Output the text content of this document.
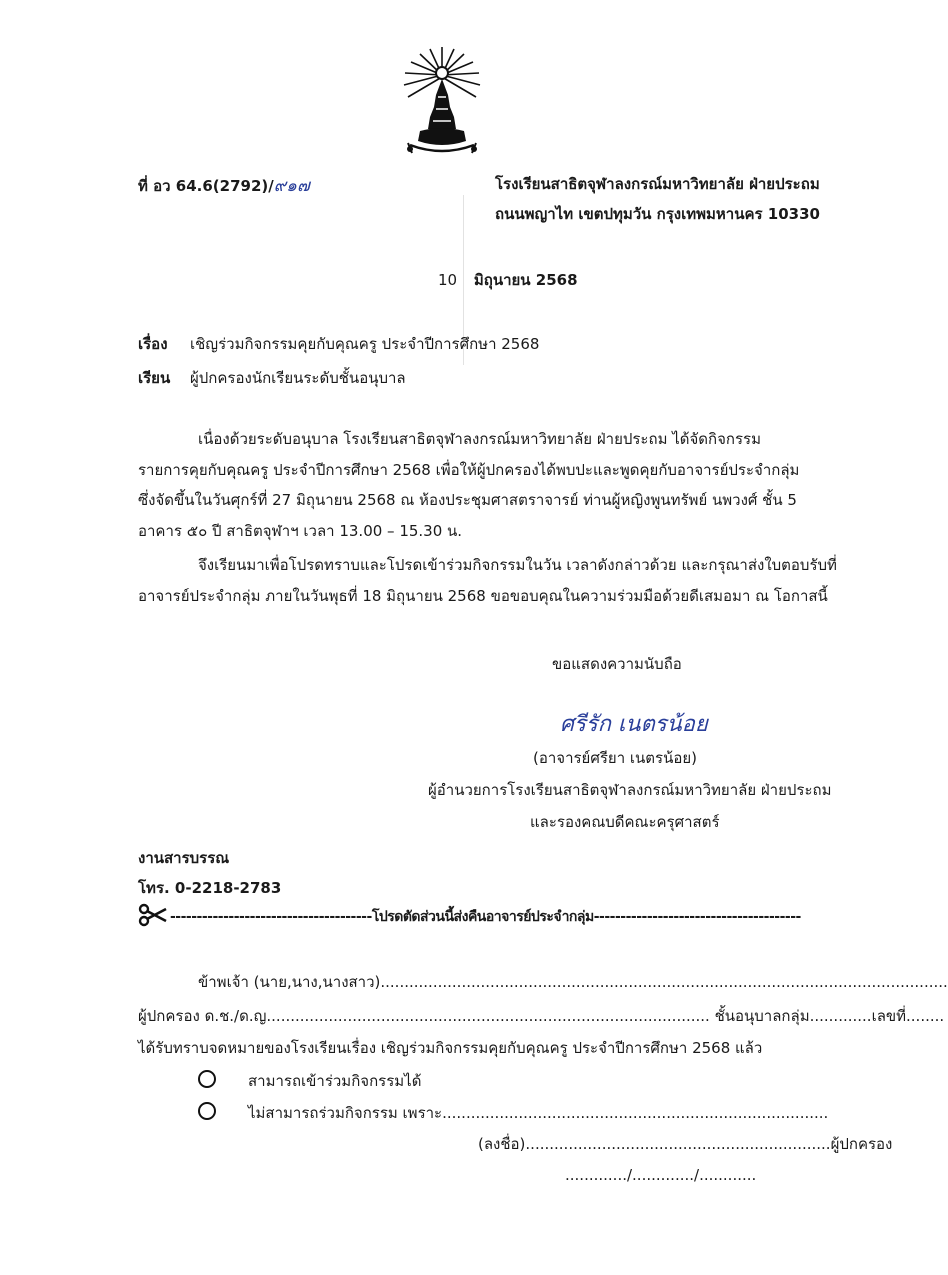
ที่ อว 64.6(2792)/๙๑๗	โรงเรียนสาธิตจุฬาลงกรณ์มหาวิทยาลัย ฝ่ายประถม
ถนนพญาไท เขตปทุมวัน กรุงเทพมหานคร 10330
10 มิถุนายน 2568
เรื่อง เชิญร่วมกิจกรรมคุยกับคุณครู ประจำปีการศึกษา 2568
เรียน ผู้ปกครองนักเรียนระดับชั้นอนุบาล
เนื่องด้วยระดับอนุบาล โรงเรียนสาธิตจุฬาลงกรณ์มหาวิทยาลัย ฝ่ายประถม ได้จัดกิจกรรม
รายการคุยกับคุณครู ประจำปีการศึกษา 2568 เพื่อให้ผู้ปกครองได้พบปะและพูดคุยกับอาจารย์ประจำกลุ่ม
ซึ่งจัดขึ้นในวันศุกร์ที่ 27 มิถุนายน 2568 ณ ห้องประชุมศาสตราจารย์ ท่านผู้หญิงพูนทรัพย์ นพวงศ์ ชั้น 5
อาคาร ๕๐ ปี สาธิตจุฬาฯ เวลา 13.00 – 15.30 น.
จึงเรียนมาเพื่อโปรดทราบและโปรดเข้าร่วมกิจกรรมในวัน เวลาดังกล่าวด้วย และกรุณาส่งใบตอบรับที่
อาจารย์ประจำกลุ่ม ภายในวันพุธที่ 18 มิถุนายน 2568 ขอขอบคุณในความร่วมมือด้วยดีเสมอมา ณ โอกาสนี้
ขอแสดงความนับถือ
ศรีรัก เนตรน้อย
(อาจารย์ศรียา เนตรน้อย)
ผู้อำนวยการโรงเรียนสาธิตจุฬาลงกรณ์มหาวิทยาลัย ฝ่ายประถม
และรองคณบดีคณะครุศาสตร์
งานสารบรรณ
โทร. 0-2218-2783
--------------------------------------โปรดตัดส่วนนี้ส่งคืนอาจารย์ประจำกลุ่ม---------------------------------------
ข้าพเจ้า (นาย,นาง,นางสาว).......................................................................................................................
ผู้ปกครอง ด.ช./ด.ญ............................................................................................. ชั้นอนุบาลกลุ่ม.............เลขที่........
ได้รับทราบจดหมายของโรงเรียนเรื่อง เชิญร่วมกิจกรรมคุยกับคุณครู ประจำปีการศึกษา 2568 แล้ว
สามารถเข้าร่วมกิจกรรมได้
ไม่สามารถร่วมกิจกรรม เพราะ.................................................................................
(ลงชื่อ)................................................................ผู้ปกครอง
............./............./............
